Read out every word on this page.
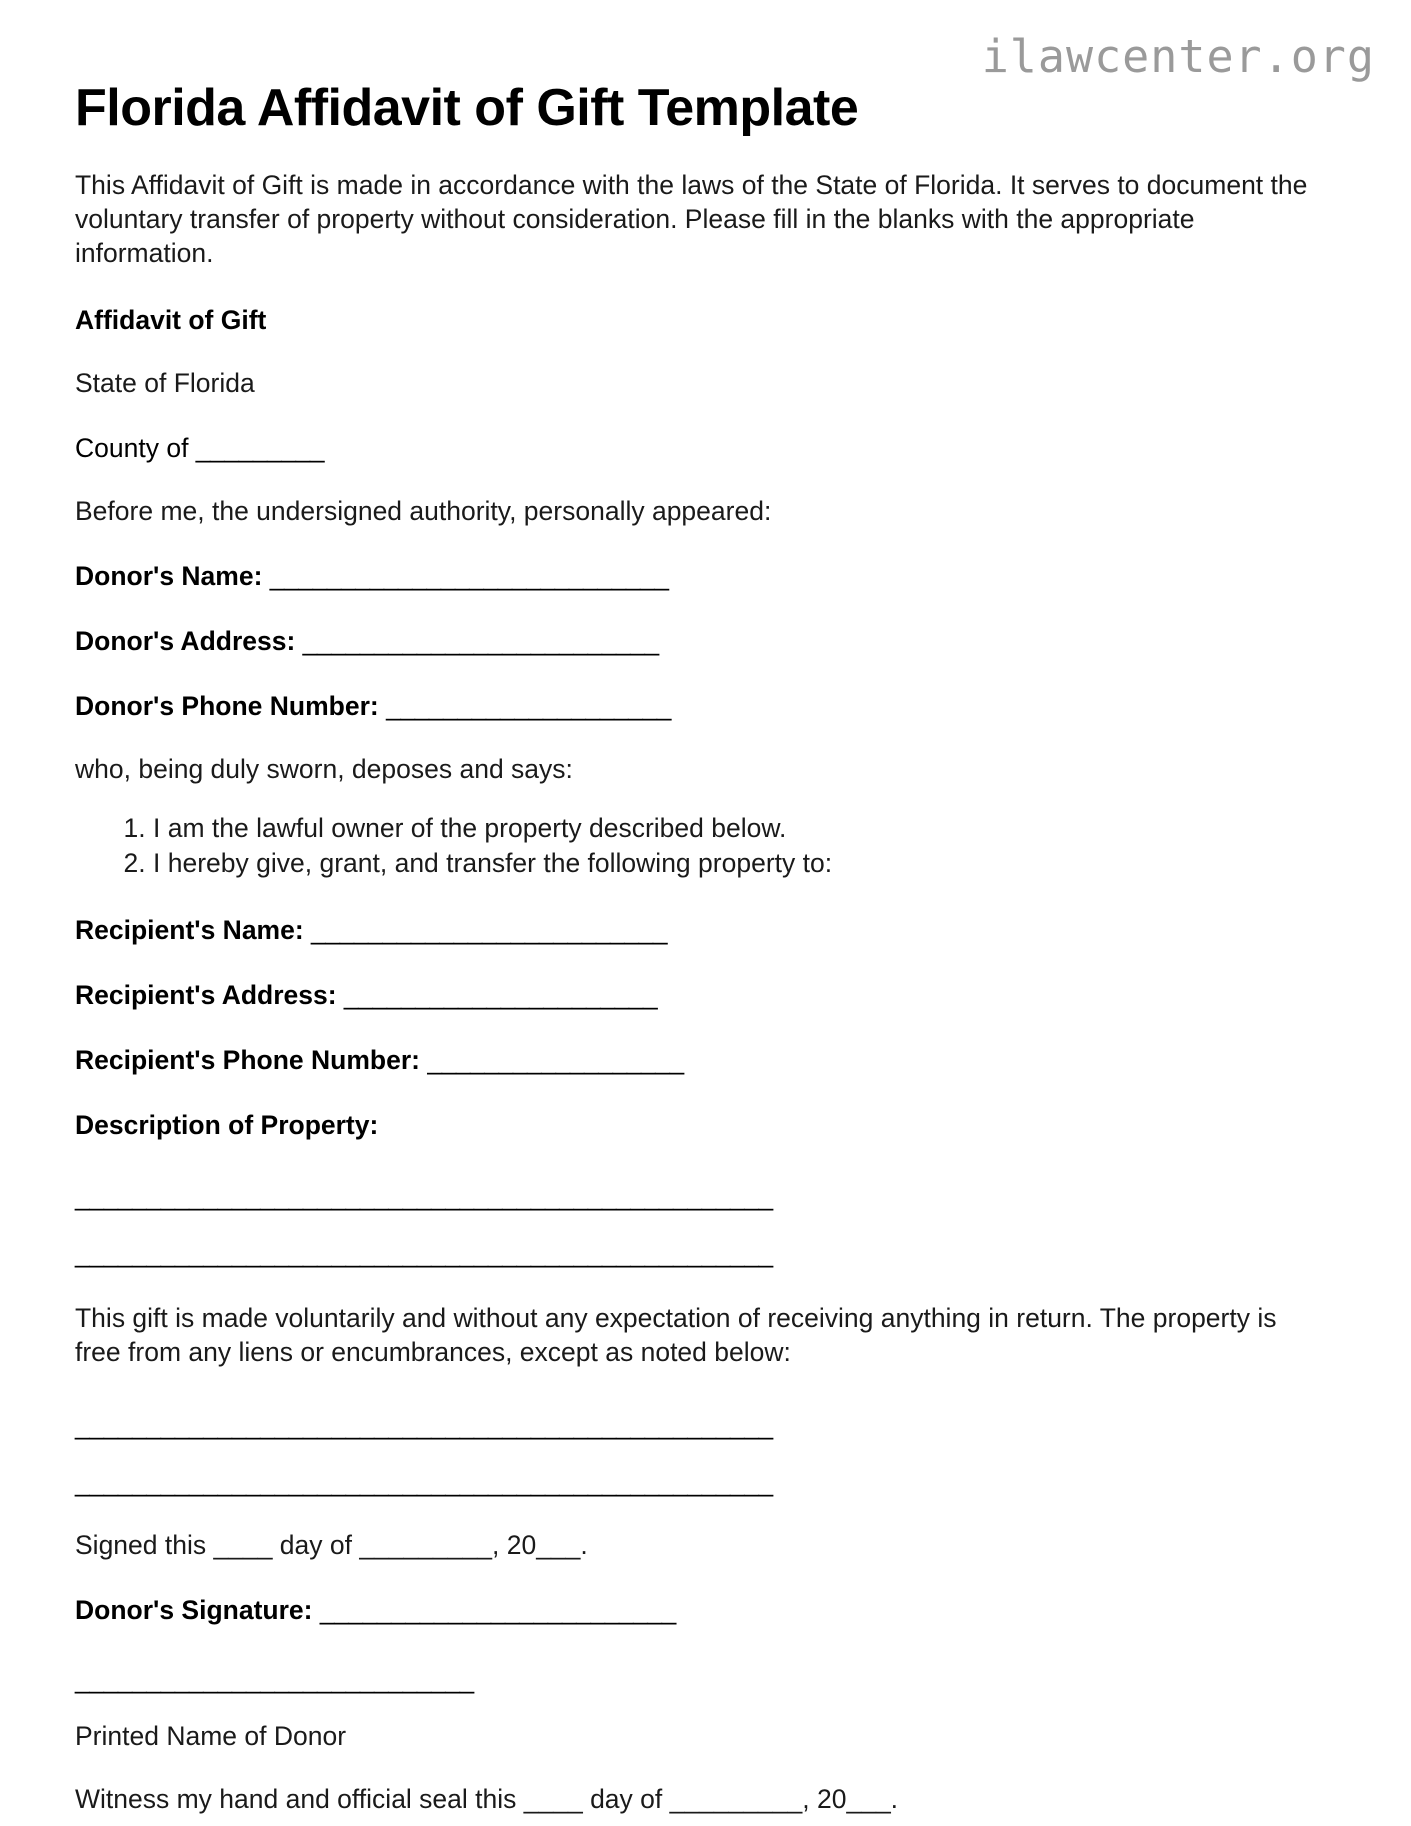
ilawcenter.org
Florida Affidavit of Gift Template

This Affidavit of Gift is made in accordance with the laws of the State of Florida. It serves to document the voluntary transfer of property without consideration. Please fill in the blanks with the appropriate information.

Affidavit of Gift
State of Florida
County of _________
Before me, the undersigned authority, personally appeared:
Donor's Name: ____________________________
Donor's Address: _________________________
Donor's Phone Number: ____________________
who, being duly sworn, deposes and says:
1. I am the lawful owner of the property described below.
2. I hereby give, grant, and transfer the following property to:
Recipient's Name: _________________________
Recipient's Address: ______________________
Recipient's Phone Number: __________________
Description of Property:
_________________________________________________
_________________________________________________

This gift is made voluntarily and without any expectation of receiving anything in return. The property is free from any liens or encumbrances, except as noted below:

_________________________________________________
_________________________________________________
Signed this ____ day of _________, 20___.
Donor's Signature: _________________________
____________________________
Printed Name of Donor
Witness my hand and official seal this ____ day of _________, 20___.
